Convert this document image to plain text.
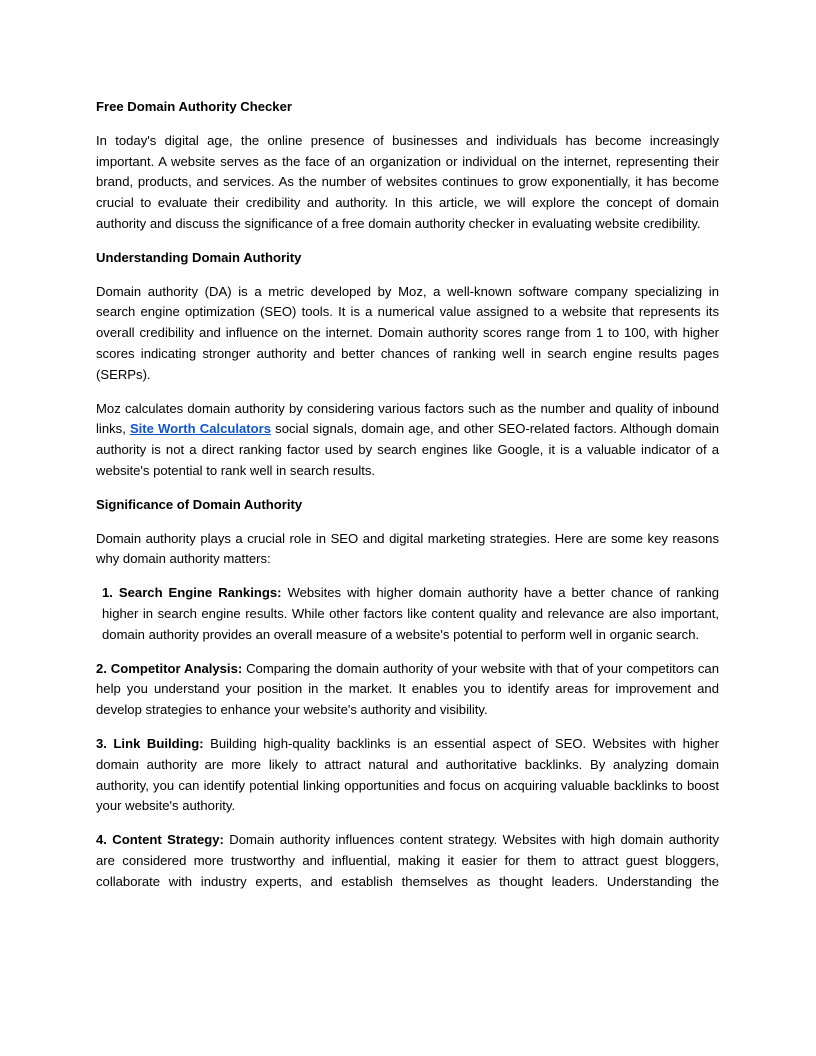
Free Domain Authority Checker

In today's digital age, the online presence of businesses and individuals has become increasingly important. A website serves as the face of an organization or individual on the internet, representing their brand, products, and services. As the number of websites continues to grow exponentially, it has become crucial to evaluate their credibility and authority. In this article, we will explore the concept of domain authority and discuss the significance of a free domain authority checker in evaluating website credibility.

Understanding Domain Authority

Domain authority (DA) is a metric developed by Moz, a well-known software company specializing in search engine optimization (SEO) tools. It is a numerical value assigned to a website that represents its overall credibility and influence on the internet. Domain authority scores range from 1 to 100, with higher scores indicating stronger authority and better chances of ranking well in search engine results pages (SERPs).

Moz calculates domain authority by considering various factors such as the number and quality of inbound links, Site Worth Calculators social signals, domain age, and other SEO-related factors. Although domain authority is not a direct ranking factor used by search engines like Google, it is a valuable indicator of a website's potential to rank well in search results.

Significance of Domain Authority

Domain authority plays a crucial role in SEO and digital marketing strategies. Here are some key reasons why domain authority matters:

1. Search Engine Rankings: Websites with higher domain authority have a better chance of ranking higher in search engine results. While other factors like content quality and relevance are also important, domain authority provides an overall measure of a website's potential to perform well in organic search.

2. Competitor Analysis: Comparing the domain authority of your website with that of your competitors can help you understand your position in the market. It enables you to identify areas for improvement and develop strategies to enhance your website's authority and visibility.

3. Link Building: Building high-quality backlinks is an essential aspect of SEO. Websites with higher domain authority are more likely to attract natural and authoritative backlinks. By analyzing domain authority, you can identify potential linking opportunities and focus on acquiring valuable backlinks to boost your website's authority.

4. Content Strategy: Domain authority influences content strategy. Websites with high domain authority are considered more trustworthy and influential, making it easier for them to attract guest bloggers, collaborate with industry experts, and establish themselves as thought leaders. Understanding the
